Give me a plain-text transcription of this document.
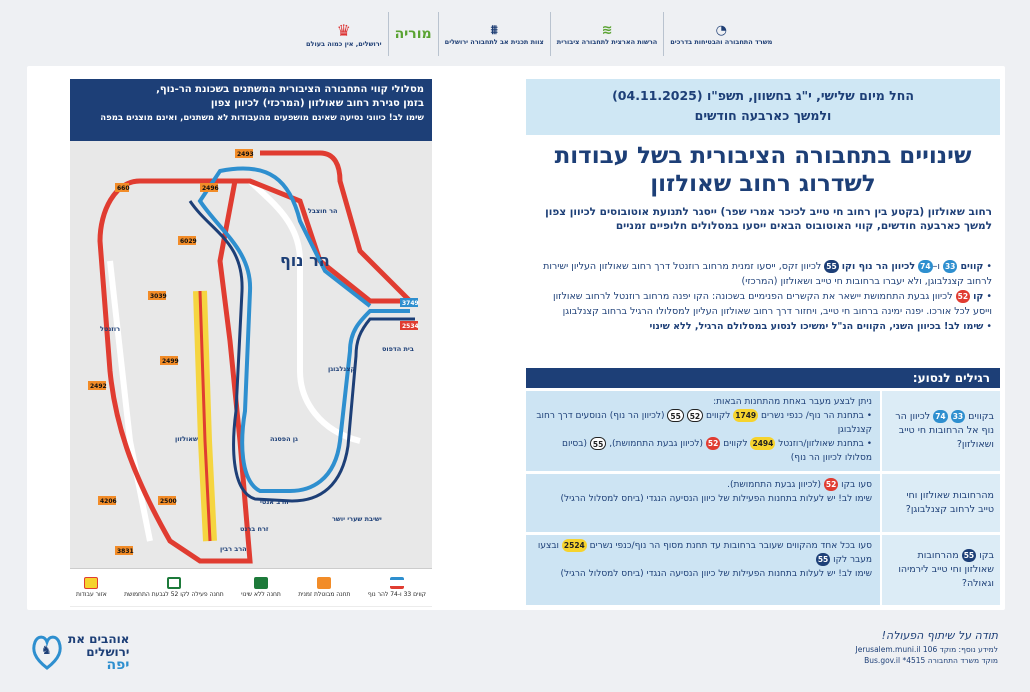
♛
ירושלים, אין כמוה בעולם
מוריה	⩩
צוות תכנית אב לתחבורה ירושלים
≋
הרשות הארצית לתחבורה ציבורית
◔
משרד התחבורה והבטיחות בדרכים
מסלולי קווי התחבורה הציבורית המשתנים בשכונת הר-נוף,
בזמן סגירת רחוב שאולזון (המרכזי) לכיוון צפון
שימו לב! כיווני נסיעה שאינם מושפעים מהעבודות לא משתנים, ואינם מוצגים במפה
הר נוף
2493
660	2496
6029
3039
2499
2492
2500
4206
3831
3749
2534
הר חוצבל
קצנלבוגן
שאולזון
רוזנטל
הרב אנטי
זרח ברנט
הרב רבין
בית הדפוס
ישיבת שערי יושר
גן הפסגה
קווים 33 ו-74 להר נוף
תחנה מבוטלת זמנית
תחנה ללא שינוי
תחנה פעילה לקו 52 לגבעת התחמושת
אזור עבודות
החל מיום שלישי, י"ג בחשוון, תשפ"ו (04.11.2025)
ולמשך כארבעה חודשים
שינויים בתחבורה הציבורית בשל עבודות
לשדרוג רחוב שאולזון
רחוב שאולזון (בקטע בין רחוב חי טייב לכיכר אמרי שפר) ייסגר לתנועת אוטובוסים לכיוון צפון למשך כארבעה חודשים, קווי האוטובוס הבאים ייסעו במסלולים חלופיים זמניים

• קווים 33 ו–74 לכיוון הר נוף וקו 55 לכיוון זקס, ייסעו זמנית מרחוב רוזנטל דרך רחוב שאולזון העליון ישירות לרחוב קצנלבוגן, ולא יעברו ברחובות חי טייב ושאולזון (המרכזי)

• קו 52 לכיוון גבעת התחמושת יישאר את הקשרים הפנימיים בשכונה: הקו יפנה מרחוב רוזנטל לרחוב שאולזון וייסע לכל אורכו. יפנה ימינה ברחוב חי טייב, ויחזור דרך רחוב שאולזון העליון למסלולו הרגיל ברחוב קצנלבוגן

• שימו לב! בכיוון השני, הקווים הנ"ל ימשיכו לנסוע במסלולם הרגיל, ללא שינוי

רגילים לנסוע:
בקווים 33 74 לכיוון הר נוף אל הרחובות חי טייב ושאולזון?
ניתן לבצע מעבר באחת מהתחנות הבאות:
• בתחנת הר נוף/ כנפי נשרים 1749 לקווים 52 55 (לכיוון הר נוף) הנוסעים דרך רחוב קצנלבוגן
• בתחנת שאולזון/רוזנטל 2494 לקווים 52 (לכיוון גבעת התחמושת), 55 (בסיום מסלולו לכיוון הר נוף)
מהרחובות שאולזון וחי טייב לרחוב קצנלבוגן?
סעו בקו 52 (לכיוון גבעת התחמושת).
שימו לב! יש לעלות בתחנות הפעילות של כיוון הנסיעה הנגדי (ביחס למסלול הרגיל)
בקו 55 מהרחובות שאולזון וחי טייב לירמיהו וגאולה?
סעו בכל אחד מהקווים שעובר ברחובות עד תחנת מסוף הר נוף/כנפי נשרים 2524 ובצעו מעבר לקו 55
שימו לב! יש לעלות בתחנות הפעילות של כיוון הנסיעה הנגדי (ביחס למסלול הרגיל)
♞
אוהבים את
ירושלים
יפה
תודה על שיתוף הפעולה!
למידע נוסף: מוקד 106 Jerusalem.muni.il
מוקד משרד התחבורה 4515* Bus.gov.il
